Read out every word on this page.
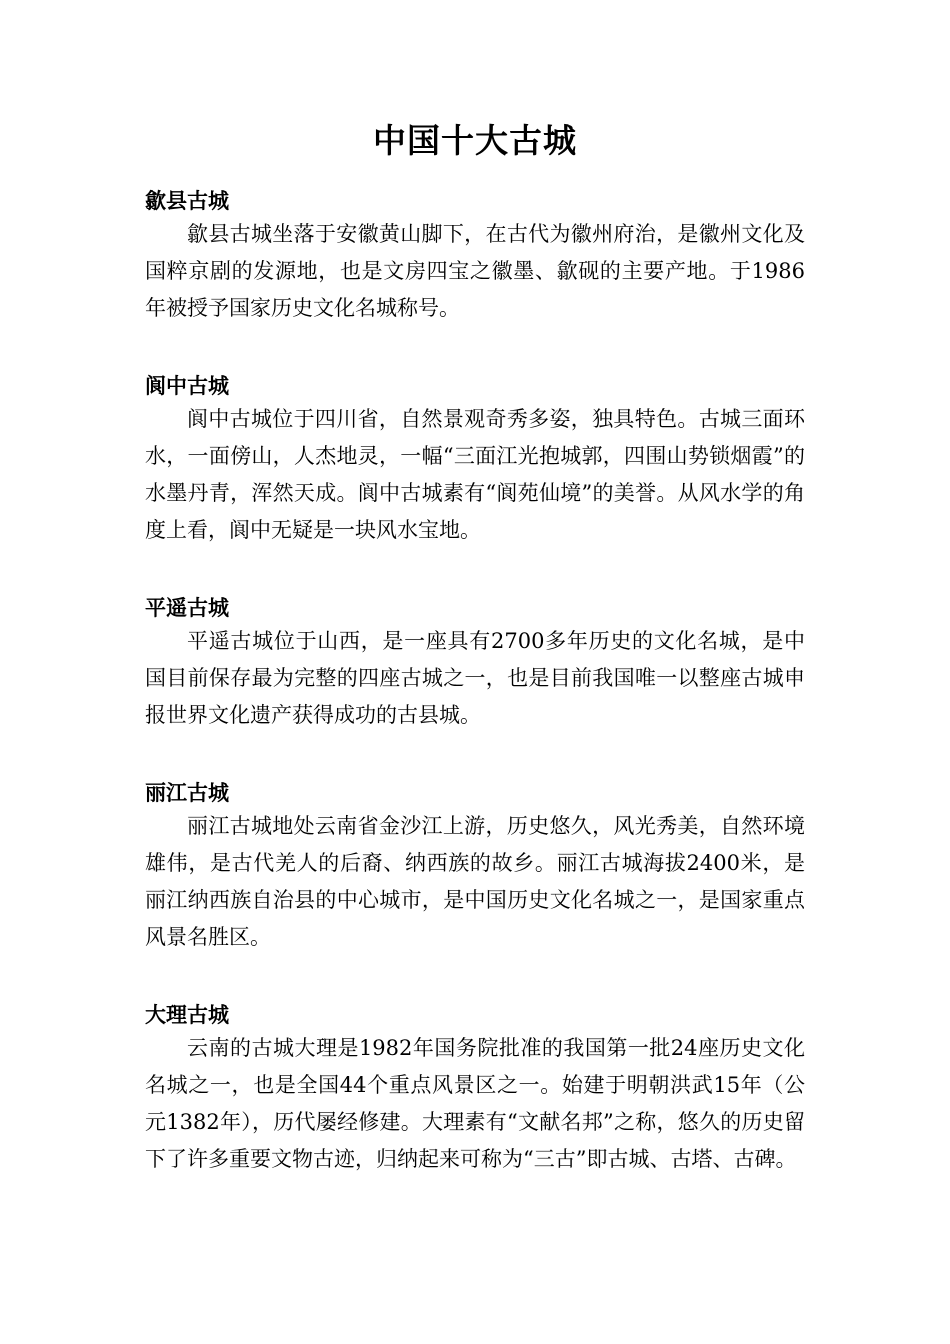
中国十大古城
歙县古城

歙县古城坐落于安徽黄山脚下，在古代为徽州府治，是徽州文化及国粹京剧的发源地，也是文房四宝之徽墨、歙砚的主要产地。于1986年被授予国家历史文化名城称号。

阆中古城

阆中古城位于四川省，自然景观奇秀多姿，独具特色。古城三面环水，一面傍山，人杰地灵，一幅“三面江光抱城郭，四围山势锁烟霞”的水墨丹青，浑然天成。阆中古城素有“阆苑仙境”的美誉。从风水学的角度上看，阆中无疑是一块风水宝地。

平遥古城

平遥古城位于山西，是一座具有2700多年历史的文化名城，是中国目前保存最为完整的四座古城之一，也是目前我国唯一以整座古城申报世界文化遗产获得成功的古县城。

丽江古城

丽江古城地处云南省金沙江上游，历史悠久，风光秀美，自然环境雄伟，是古代羌人的后裔、纳西族的故乡。丽江古城海拔2400米，是丽江纳西族自治县的中心城市，是中国历史文化名城之一，是国家重点风景名胜区。

大理古城

云南的古城大理是1982年国务院批准的我国第一批24座历史文化名城之一，也是全国44个重点风景区之一。始建于明朝洪武15年（公元1382年），历代屡经修建。大理素有“文献名邦”之称，悠久的历史留下了许多重要文物古迹，归纳起来可称为“三古”即古城、古塔、古碑。
